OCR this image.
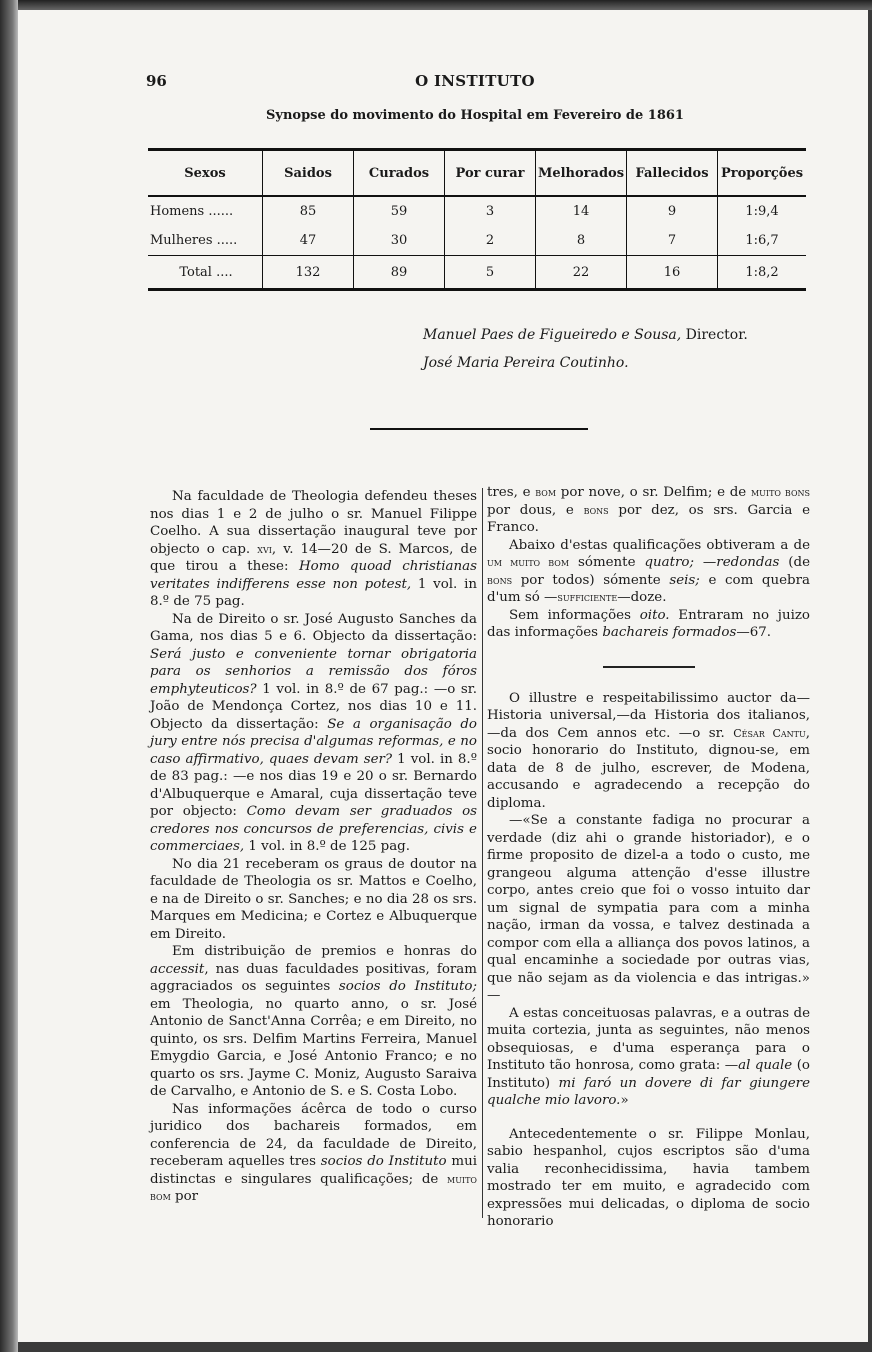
96	O INSTITUTO
Synopse do movimento do Hospital em Fevereiro de 1861
Sexos	Saidos	Curados	Por curar	Melhorados	Fallecidos	Proporções
Homens ......	85	59	3	14	9	1:9,4
Mulheres .....	47	30	2	8	7	1:6,7
Total ....	132	89	5	22	16	1:8,2
Manuel Paes de Figueiredo e Sousa, Director.
José Maria Pereira Coutinho.

Na faculdade de Theologia defendeu theses nos dias 1 e 2 de julho o sr. Manuel Filippe Coelho. A sua dissertação inaugural teve por objecto o cap. xvi, v. 14—20 de S. Marcos, de que tirou a these: Homo quoad christianas veritates indifferens esse non potest, 1 vol. in 8.º de 75 pag.

Na de Direito o sr. José Augusto Sanches da Gama, nos dias 5 e 6. Objecto da dissertação: Será justo e conveniente tornar obrigatoria para os senhorios a remissão dos fóros emphyteuticos? 1 vol. in 8.º de 67 pag.: —o sr. João de Mendonça Cortez, nos dias 10 e 11. Objecto da dissertação: Se a organisação do jury entre nós precisa d'algumas reformas, e no caso affirmativo, quaes devam ser? 1 vol. in 8.º de 83 pag.: —e nos dias 19 e 20 o sr. Bernardo d'Albuquerque e Amaral, cuja dissertação teve por objecto: Como devam ser graduados os credores nos concursos de preferencias, civis e commerciaes, 1 vol. in 8.º de 125 pag.

No dia 21 receberam os graus de doutor na faculdade de Theologia os sr. Mattos e Coelho, e na de Direito o sr. Sanches; e no dia 28 os srs. Marques em Medicina; e Cortez e Albuquerque em Direito.

Em distribuição de premios e honras do accessit, nas duas faculdades positivas, foram aggraciados os seguintes socios do Instituto; em Theologia, no quarto anno, o sr. José Antonio de Sanct'Anna Corrêa; e em Direito, no quinto, os srs. Delfim Martins Ferreira, Manuel Emygdio Garcia, e José Antonio Franco; e no quarto os srs. Jayme C. Moniz, Augusto Saraiva de Carvalho, e Antonio de S. e S. Costa Lobo.

Nas informações ácêrca de todo o curso juridico dos bachareis formados, em conferencia de 24, da faculdade de Direito, receberam aquelles tres socios do Instituto mui distinctas e singulares qualificações; de muito bom por

tres, e bom por nove, o sr. Delfim; e de muito bons por dous, e bons por dez, os srs. Garcia e Franco.

Abaixo d'estas qualificações obtiveram a de um muito bom sómente quatro; —redondas (de bons por todos) sómente seis; e com quebra d'um só —sufficiente—doze.

Sem informações oito. Entraram no juizo das informações bachareis formados—67.

O illustre e respeitabilissimo auctor da—Historia universal,—da Historia dos italianos, —da dos Cem annos etc. —o sr. César Cantu, socio honorario do Instituto, dignou-se, em data de 8 de julho, escrever, de Modena, accusando e agradecendo a recepção do diploma.

—«Se a constante fadiga no procurar a verdade (diz ahi o grande historiador), e o firme proposito de dizel-a a todo o custo, me grangeou alguma attenção d'esse illustre corpo, antes creio que foi o vosso intuito dar um signal de sympatia para com a minha nação, irman da vossa, e talvez destinada a compor com ella a alliança dos povos latinos, a qual encaminhe a sociedade por outras vias, que não sejam as da violencia e das intrigas.» —

A estas conceituosas palavras, e a outras de muita cortezia, junta as seguintes, não menos obsequiosas, e d'uma esperança para o Instituto tão honrosa, como grata: —al quale (o Instituto) mi faró un dovere di far giungere qualche mio lavoro.»

Antecedentemente o sr. Filippe Monlau, sabio hespanhol, cujos escriptos são d'uma valia reconhecidissima, havia tambem mostrado ter em muito, e agradecido com expressões mui delicadas, o diploma de socio honorario
